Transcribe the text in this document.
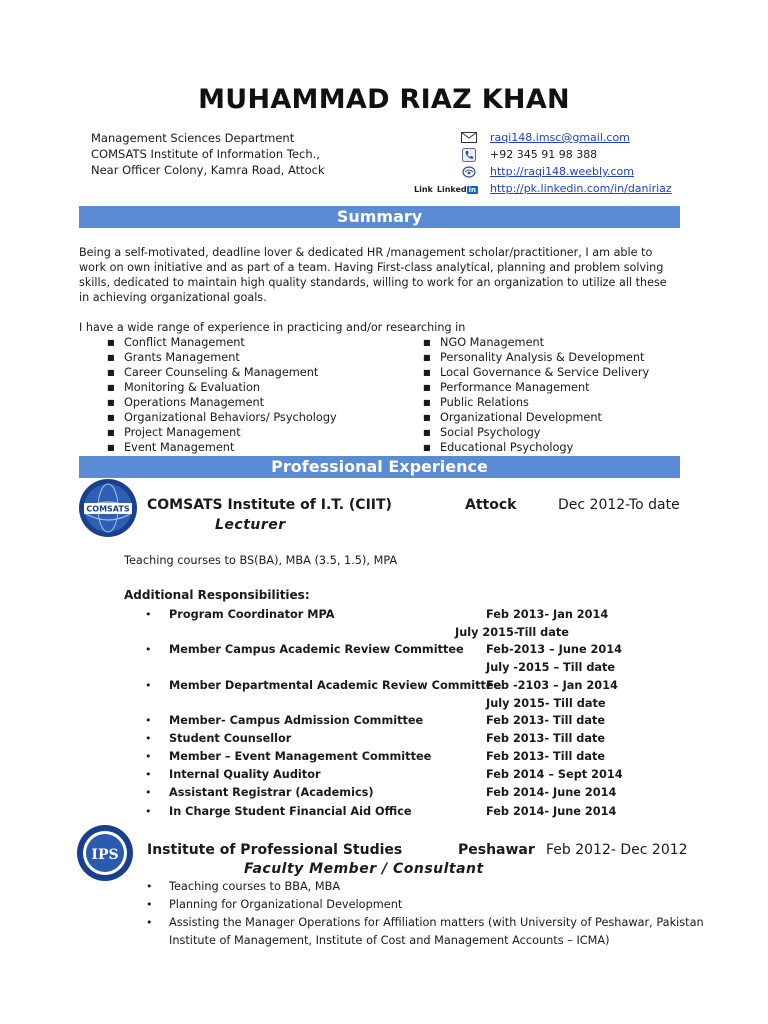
MUHAMMAD RIAZ KHAN
Management Sciences Department
COMSATS Institute of Information Tech.,
Near Officer Colony, Kamra Road, Attock
raqi148.imsc@gmail.com
+92 345 91 98 388
http://raqi148.weebly.com
http://pk.linkedin.com/in/daniriaz
Link Linked in
Summary
Being a self-motivated, deadline lover & dedicated HR /management scholar/practitioner, I am able to work on own initiative and as part of a team. Having First-class analytical, planning and problem solving skills, dedicated to maintain high quality standards, willing to work for an organization to utilize all these in achieving organizational goals.
I have a wide range of experience in practicing and/or researching in
■ Conflict Management
■ Grants Management
■ Career Counseling & Management
■ Monitoring & Evaluation
■ Operations Management
■ Organizational Behaviors/ Psychology
■ Project Management
■ Event Management
■ NGO Management
■ Personality Analysis & Development
■ Local Governance & Service Delivery
■ Performance Management
■ Public Relations
■ Organizational Development
■ Social Psychology
■ Educational Psychology
Professional Experience
COMSATS COMSATS Institute of I.T. (CIIT)	Attock	Dec 2012-To date
Lecturer
Teaching courses to BS(BA), MBA (3.5, 1.5), MPA
Additional Responsibilities:
• Program Coordinator MPA	Feb 2013- Jan 2014
July 2015-Till date
• Member Campus Academic Review Committee Feb-2013 – June 2014
July -2015 – Till date
• Member Departmental Academic Review Committee
Feb -2103 – Jan 2014
July 2015- Till date
• Member- Campus Admission Committee	Feb 2013- Till date
• Student Counsellor	Feb 2013- Till date
• Member – Event Management Committee	Feb 2013- Till date
• Internal Quality Auditor	Feb 2014 – Sept 2014
• Assistant Registrar (Academics)	Feb 2014- June 2014
• In Charge Student Financial Aid Office	Feb 2014- June 2014
IPS Institute of Professional Studies	Peshawar Feb 2012- Dec 2012
Faculty Member / Consultant
• Teaching courses to BBA, MBA
• Planning for Organizational Development
• Assisting the Manager Operations for Affiliation matters (with University of Peshawar, Pakistan
Institute of Management, Institute of Cost and Management Accounts – ICMA)
